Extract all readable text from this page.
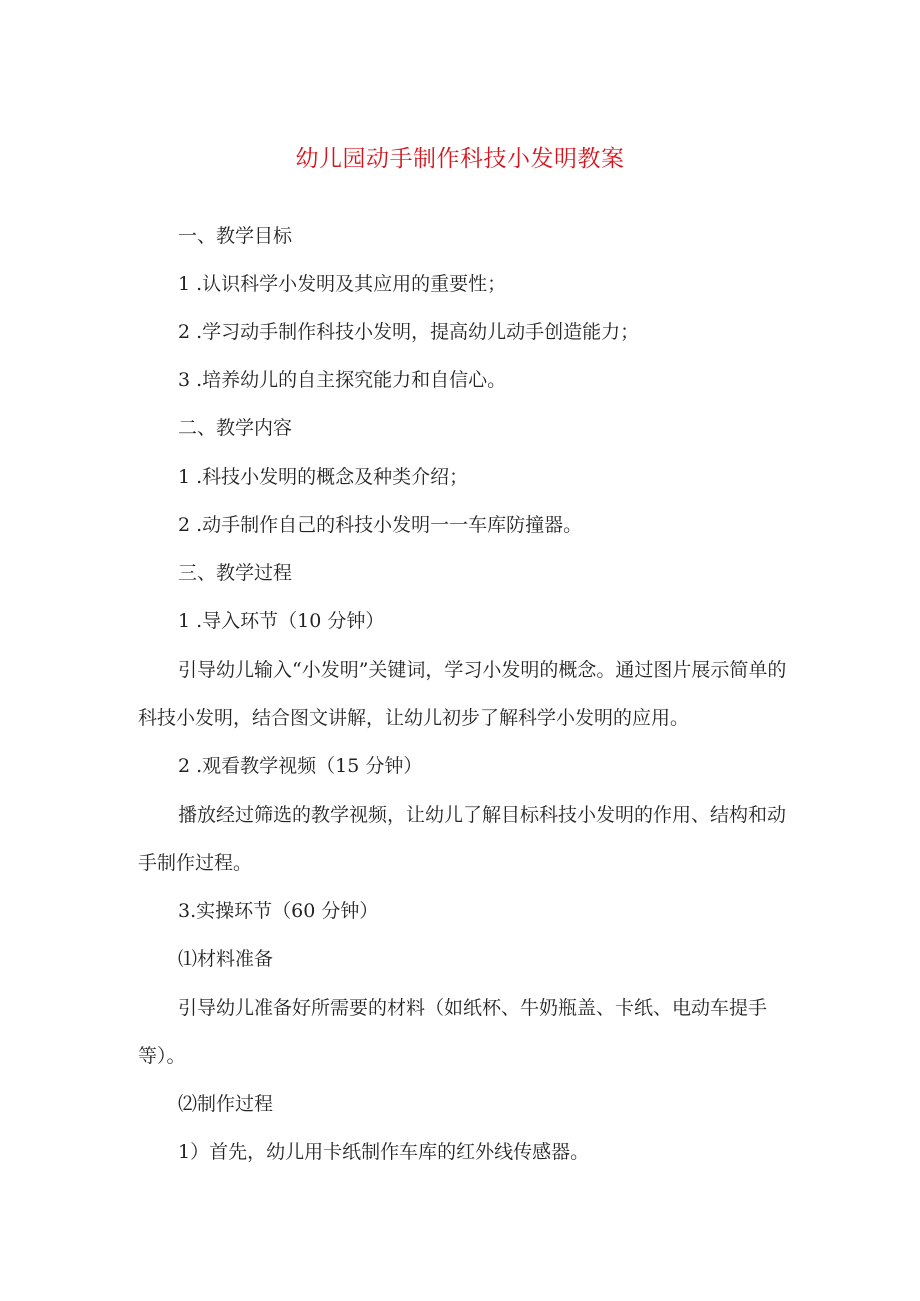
幼儿园动手制作科技小发明教案
一、教学目标
1 .认识科学小发明及其应用的重要性；
2 .学习动手制作科技小发明，提高幼儿动手创造能力；
3 .培养幼儿的自主探究能力和自信心。
二、教学内容
1 .科技小发明的概念及种类介绍；
2 .动手制作自己的科技小发明一一车库防撞器。
三、教学过程
1 .导入环节（10 分钟）
引导幼儿输入“小发明”关键词，学习小发明的概念。通过图片展示简单的科技小发明，结合图文讲解，让幼儿初步了解科学小发明的应用。
2 .观看教学视频（15 分钟）
播放经过筛选的教学视频，让幼儿了解目标科技小发明的作用、结构和动手制作过程。
3.实操环节（60 分钟）
⑴材料准备
引导幼儿准备好所需要的材料（如纸杯、牛奶瓶盖、卡纸、电动车提手等）。
⑵制作过程
1）首先，幼儿用卡纸制作车库的红外线传感器。
